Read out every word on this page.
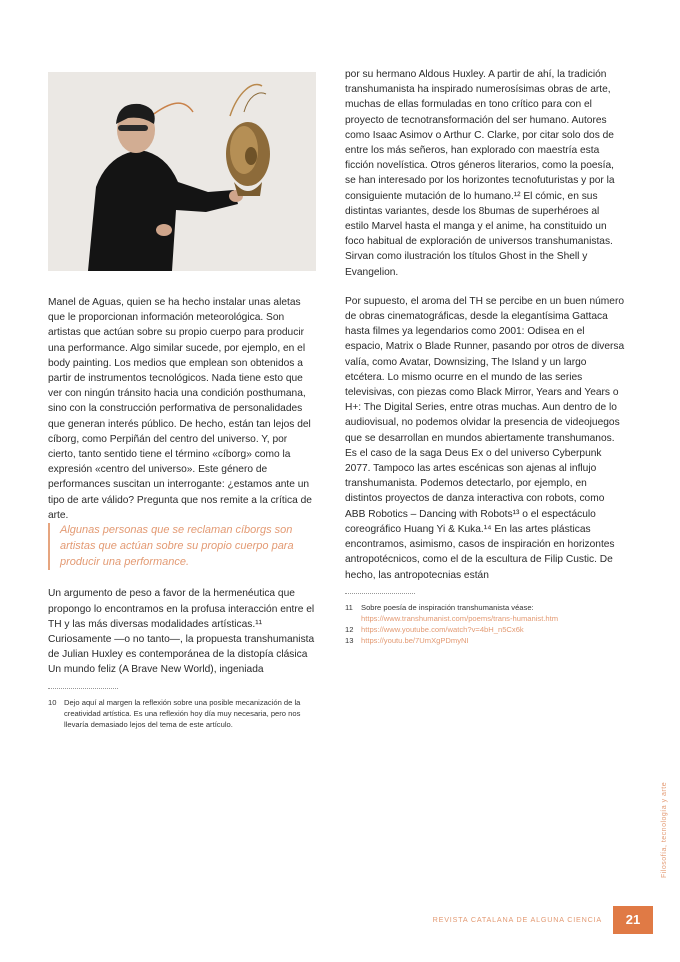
Manel de Aguas, quien se ha hecho instalar unas aletas que le proporcionan información meteorológica. Son artistas que actúan sobre su propio cuerpo para producir una performance. Algo similar sucede, por ejemplo, en el body painting. Los medios que emplean son obtenidos a partir de instrumentos tecnológicos. Nada tiene esto que ver con ningún tránsito hacia una condición posthumana, sino con la construcción performativa de personalidades que generan interés público. De hecho, están tan lejos del cíborg, como Perpiñán del centro del universo. Y, por cierto, tanto sentido tiene el término «cíborg» como la expresión «centro del universo». Este género de performances suscitan un interrogante: ¿estamos ante un tipo de arte válido? Pregunta que nos remite a la crítica de arte.

Algunas personas que se reclaman cíborgs son artistas que actúan sobre su propio cuerpo para producir una performance.

Un argumento de peso a favor de la hermenéutica que propongo lo encontramos en la profusa interacción entre el TH y las más diversas modalidades artísticas.¹¹ Curiosamente —o no tanto—, la propuesta transhumanista de Julian Huxley es contemporánea de la distopía clásica Un mundo feliz (A Brave New World), ingeniada

10 Dejo aquí al margen la reflexión sobre una posible mecanización de la creatividad artística. Es una reflexión hoy día muy necesaria, pero nos llevaría demasiado lejos del tema de este artículo.

por su hermano Aldous Huxley. A partir de ahí, la tradición transhumanista ha inspirado numerosísimas obras de arte, muchas de ellas formuladas en tono crítico para con el proyecto de tecnotransformación del ser humano. Autores como Isaac Asimov o Arthur C. Clarke, por citar solo dos de entre los más señeros, han explorado con maestría esta ficción novelística. Otros géneros literarios, como la poesía, se han interesado por los horizontes tecnofuturistas y por la consiguiente mutación de lo humano.¹² El cómic, en sus distintas variantes, desde los 8bumas de superhéroes al estilo Marvel hasta el manga y el anime, ha constituido un foco habitual de exploración de universos transhumanistas. Sirvan como ilustración los títulos Ghost in the Shell y Evangelion.

Por supuesto, el aroma del TH se percibe en un buen número de obras cinematográficas, desde la elegantísima Gattaca hasta filmes ya legendarios como 2001: Odisea en el espacio, Matrix o Blade Runner, pasando por otros de diversa valía, como Avatar, Downsizing, The Island y un largo etcétera. Lo mismo ocurre en el mundo de las series televisivas, con piezas como Black Mirror, Years and Years o H+: The Digital Series, entre otras muchas. Aun dentro de lo audiovisual, no podemos olvidar la presencia de videojuegos que se desarrollan en mundos abiertamente transhumanos. Es el caso de la saga Deus Ex o del universo Cyberpunk 2077. Tampoco las artes escénicas son ajenas al influjo transhumanista. Podemos detectarlo, por ejemplo, en distintos proyectos de danza interactiva con robots, como ABB Robotics – Dancing with Robots¹³ o el espectáculo coreográfico Huang Yi & Kuka.¹⁴ En las artes plásticas encontramos, asimismo, casos de inspiración en horizontes antropotécnicos, como el de la escultura de Filip Custic. De hecho, las antropotecnias están

11 Sobre poesía de inspiración transhumanista véase: https://www.transhumanist.com/poems/trans-humanist.htm
12 https://www.youtube.com/watch?v=4bH_n5Cx6k
13 https://youtu.be/7UmXgPDmyNI
Filosofía, tecnología y arte
REVISTA CATALANA DE ALGUNA CIENCIA	21
